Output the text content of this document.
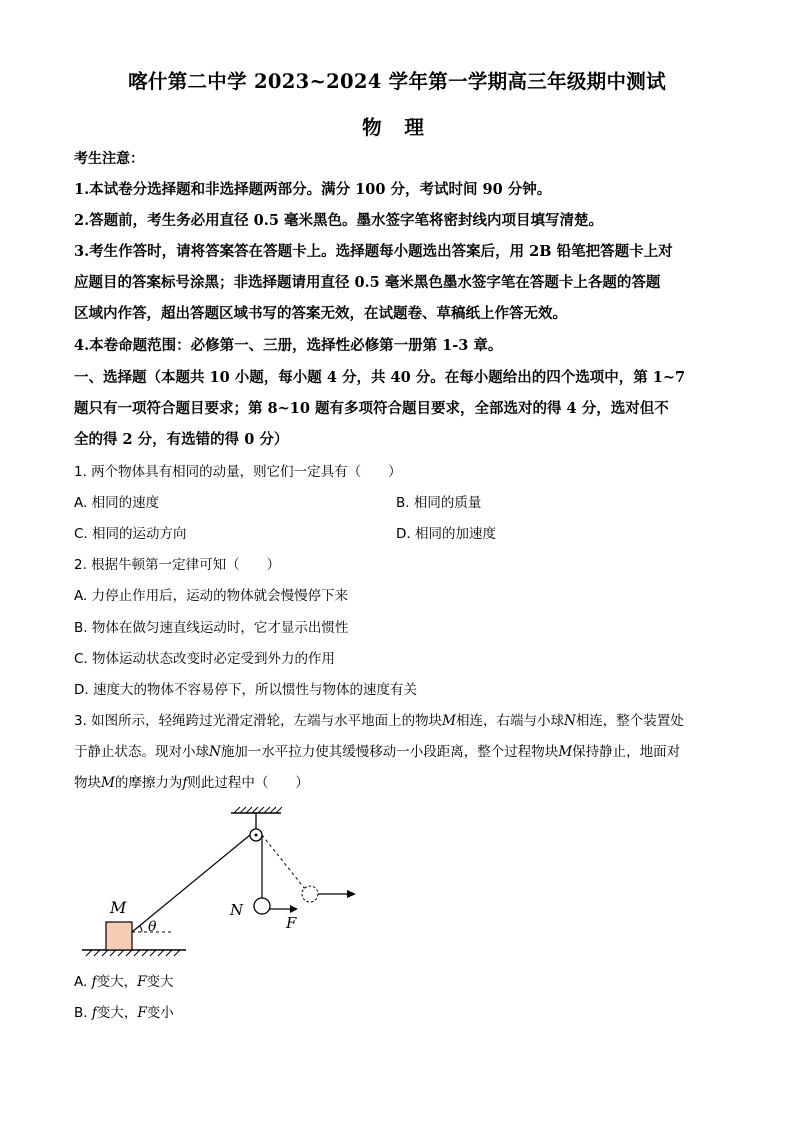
喀什第二中学 2023~2024 学年第一学期高三年级期中测试
物 理
考生注意：
1.本试卷分选择题和非选择题两部分。满分 100 分，考试时间 90 分钟。
2.答题前，考生务必用直径 0.5 毫米黑色。墨水签字笔将密封线内项目填写清楚。
3.考生作答时，请将答案答在答题卡上。选择题每小题选出答案后，用 2B 铅笔把答题卡上对
应题目的答案标号涂黑；非选择题请用直径 0.5 毫米黑色墨水签字笔在答题卡上各题的答题
区域内作答，超出答题区域书写的答案无效，在试题卷、草稿纸上作答无效。
4.本卷命题范围：必修第一、三册，选择性必修第一册第 1-3 章。
一、选择题（本题共 10 小题，每小题 4 分，共 40 分。在每小题给出的四个选项中，第 1~7
题只有一项符合题目要求；第 8~10 题有多项符合题目要求，全部选对的得 4 分，选对但不
全的得 2 分，有选错的得 0 分）
1. 两个物体具有相同的动量，则它们一定具有（　　）
A. 相同的速度	B. 相同的质量
C. 相同的运动方向	D. 相同的加速度
2. 根据牛顿第一定律可知（　　）
A. 力停止作用后，运动的物体就会慢慢停下来
B. 物体在做匀速直线运动时，它才显示出惯性
C. 物体运动状态改变时必定受到外力的作用
D. 速度大的物体不容易停下，所以惯性与物体的速度有关
3. 如图所示，轻绳跨过光滑定滑轮，左端与水平地面上的物块M相连，右端与小球N相连，整个装置处
于静止状态。现对小球N施加一水平拉力使其缓慢移动一小段距离，整个过程物块M保持静止，地面对
物块M的摩擦力为f则此过程中（　　）
M
θ
N
F
A. f变大，F变大
B. f变大，F变小
